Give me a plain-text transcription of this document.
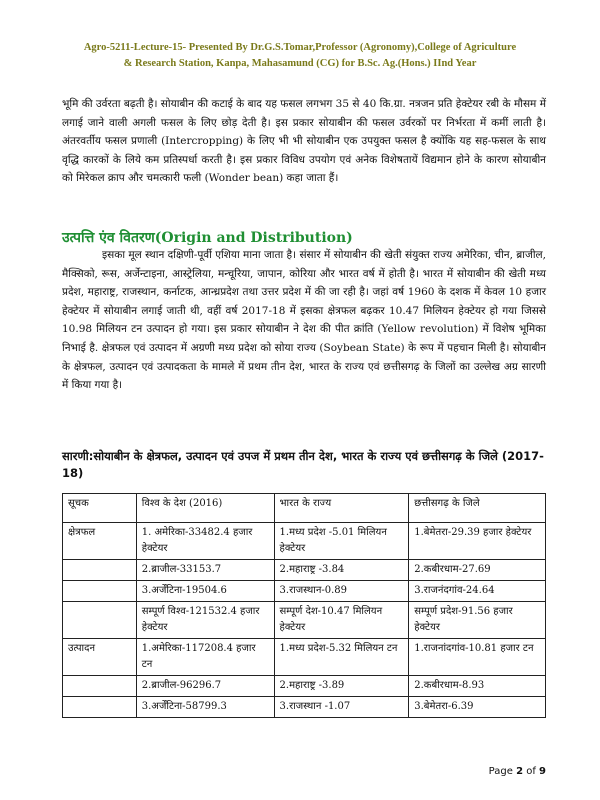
Agro-5211-Lecture-15- Presented By Dr.G.S.Tomar,Professor (Agronomy),College of Agriculture
& Research Station, Kanpa, Mahasamund (CG) for B.Sc. Ag.(Hons.) IInd Year

भूमि की उर्वरता बढ़ती है। सोयाबीन की कटाई के बाद यह फसल लगभग 35 से 40 कि.ग्रा. नत्रजन प्रति हेक्टेयर रबी के मौसम में लगाई जाने वाली अगली फसल के लिए छोड़ देती है। इस प्रकार सोयाबीन की फसल उर्वरकों पर निर्भरता में कमीं लाती है। अंतरवर्तीय फसल प्रणाली (Intercropping) के लिए भी भी सोयाबीन एक उपयुक्त फसल है क्योंकि यह सह-फसल के साथ वृद्धि कारकों के लिये कम प्रतिस्पर्धा करती है। इस प्रकार विविध उपयोग एवं अनेक विशेषतायें विद्यमान होने के कारण सोयाबीन को मिरेकल क्राप और चमत्कारी फली (Wonder bean) कहा जाता हैं।

उत्पत्ति एंव वितरण(Origin and Distribution)

इसका मूल स्थान दक्षिणी-पूर्वी एशिया माना जाता है। संसार में सोयाबीन की खेती संयुक्त राज्य अमेरिका, चीन, ब्राजील, मैक्सिको, रूस, अर्जेन्टाइना, आस्ट्रेलिया, मन्चूरिया, जापान, कोरिया और भारत वर्ष में होती है। भारत में सोयाबीन की खेती मध्य प्रदेश, महाराष्ट्र, राजस्थान, कर्नाटक, आन्ध्रप्रदेश तथा उत्तर प्रदेश में की जा रही है। जहां वर्ष 1960 के दशक में केवल 10 हजार हेक्टेयर में सोयाबीन लगाई जाती थी, वहीं वर्ष 2017-18 में इसका क्षेत्रफल बढ़कर 10.47 मिलियन हेक्टेयर हो गया जिससे 10.98 मिलियन टन उत्पादन हो गया। इस प्रकार सोयाबीन ने देश की पीत क्रांति (Yellow revolution) में विशेष भूमिका निभाई है. क्षेत्रफल एवं उत्पादन में अग्रणी मध्य प्रदेश को सोया राज्य (Soybean State) के रूप में पहचान मिली है। सोयाबीन के क्षेत्रफल, उत्पादन एवं उत्पादकता के मामले में प्रथम तीन देश, भारत के राज्य एवं छत्तीसगढ़ के जिलों का उल्लेख अग्र सारणी में किया गया है।

सारणी:सोयाबीन के क्षेत्रफल, उत्पादन एवं उपज में प्रथम तीन देश, भारत के राज्य एवं छत्तीसगढ़ के जिले (2017-18)
सूचक	विश्व के देश (2016)	भारत के राज्य	छत्तीसगढ़ के जिले
क्षेत्रफल	1. अमेरिका-33482.4 हजार हेक्टेयर	1.मध्य प्रदेश -5.01 मिलियन हेक्टेयर	1.बेमेतरा-29.39 हजार हेक्टेयर
	2.ब्राजील-33153.7	2.महाराष्ट्र -3.84	2.कबीरधाम-27.69
	3.अर्जेंटिना-19504.6	3.राजस्थान-0.89	3.राजनंदगांव-24.64
	सम्पूर्ण विश्व-121532.4 हजार हेक्टेयर	सम्पूर्ण देश-10.47 मिलियन हेक्टेयर	सम्पूर्ण प्रदेश-91.56 हजार हेक्टेयर
उत्पादन	1.अमेरिका-117208.4 हजार टन	1.मध्य प्रदेश-5.32 मिलियन टन	1.राजनांदगांव-10.81 हजार टन
	2.ब्राजील-96296.7	2.महाराष्ट्र -3.89	2.कबीरधाम-8.93
	3.अर्जेंटिना-58799.3	3.राजस्थान -1.07	3.बेमेतरा-6.39
Page 2 of 9
